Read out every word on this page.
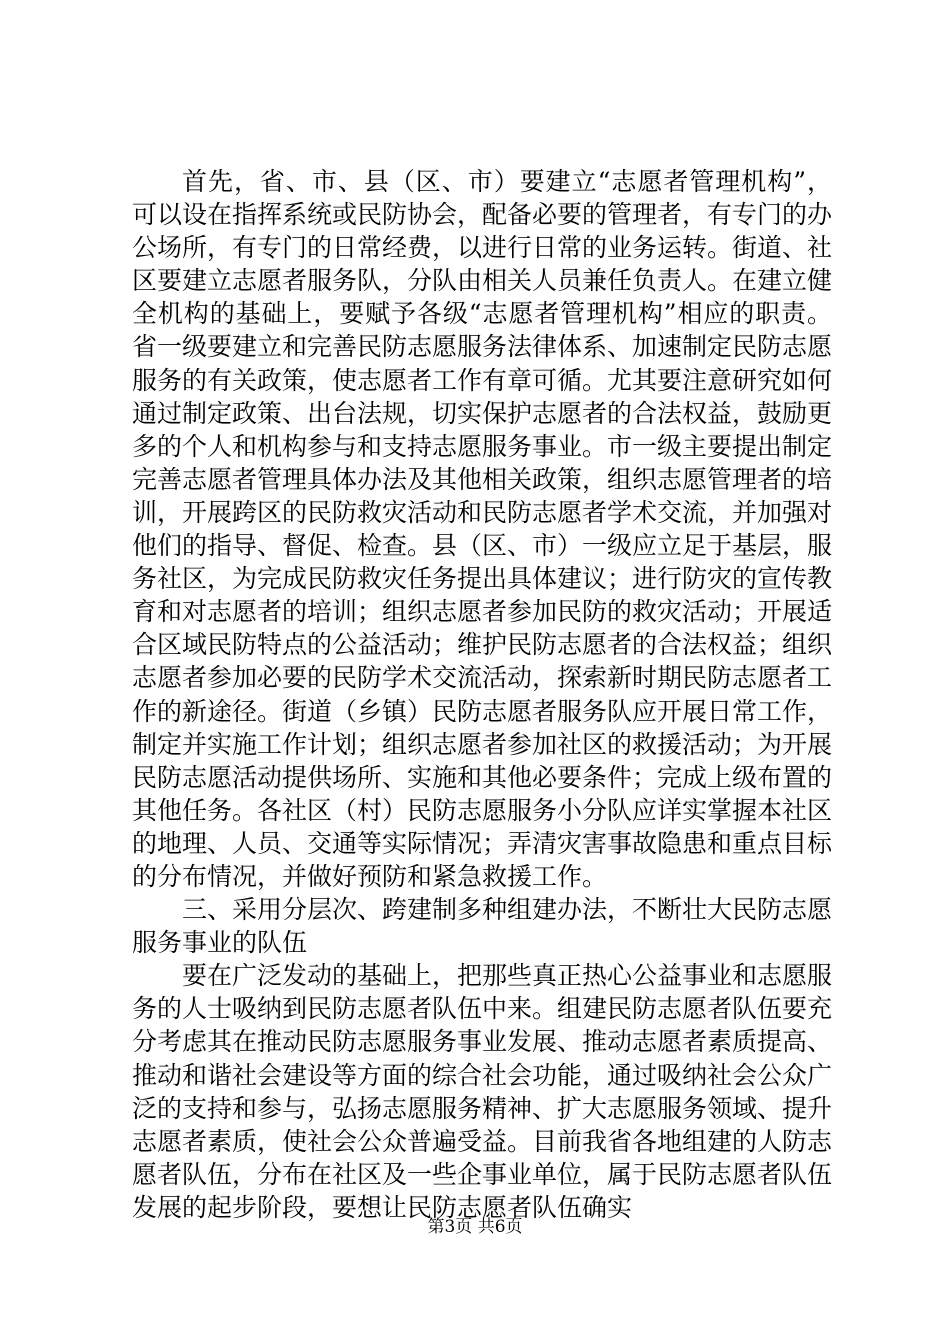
首先，省、市、县（区、市）要建立“志愿者管理机构”，可以设在指挥系统或民防协会，配备必要的管理者，有专门的办公场所，有专门的日常经费，以进行日常的业务运转。街道、社区要建立志愿者服务队，分队由相关人员兼任负责人。在建立健全机构的基础上，要赋予各级“志愿者管理机构”相应的职责。省一级要建立和完善民防志愿服务法律体系、加速制定民防志愿服务的有关政策，使志愿者工作有章可循。尤其要注意研究如何通过制定政策、出台法规，切实保护志愿者的合法权益，鼓励更多的个人和机构参与和支持志愿服务事业。市一级主要提出制定完善志愿者管理具体办法及其他相关政策，组织志愿管理者的培训，开展跨区的民防救灾活动和民防志愿者学术交流，并加强对他们的指导、督促、检查。县（区、市）一级应立足于基层，服务社区，为完成民防救灾任务提出具体建议；进行防灾的宣传教育和对志愿者的培训；组织志愿者参加民防的救灾活动；开展适合区域民防特点的公益活动；维护民防志愿者的合法权益；组织志愿者参加必要的民防学术交流活动，探索新时期民防志愿者工作的新途径。街道（乡镇）民防志愿者服务队应开展日常工作，制定并实施工作计划；组织志愿者参加社区的救援活动；为开展民防志愿活动提供场所、实施和其他必要条件；完成上级布置的其他任务。各社区（村）民防志愿服务小分队应详实掌握本社区的地理、人员、交通等实际情况；弄清灾害事故隐患和重点目标的分布情况，并做好预防和紧急救援工作。

三、采用分层次、跨建制多种组建办法，不断壮大民防志愿服务事业的队伍

要在广泛发动的基础上，把那些真正热心公益事业和志愿服务的人士吸纳到民防志愿者队伍中来。组建民防志愿者队伍要充分考虑其在推动民防志愿服务事业发展、推动志愿者素质提高、推动和谐社会建设等方面的综合社会功能，通过吸纳社会公众广泛的支持和参与，弘扬志愿服务精神、扩大志愿服务领域、提升志愿者素质，使社会公众普遍受益。目前我省各地组建的人防志愿者队伍，分布在社区及一些企事业单位，属于民防志愿者队伍发展的起步阶段，要想让民防志愿者队伍确实

第3页 共6页
